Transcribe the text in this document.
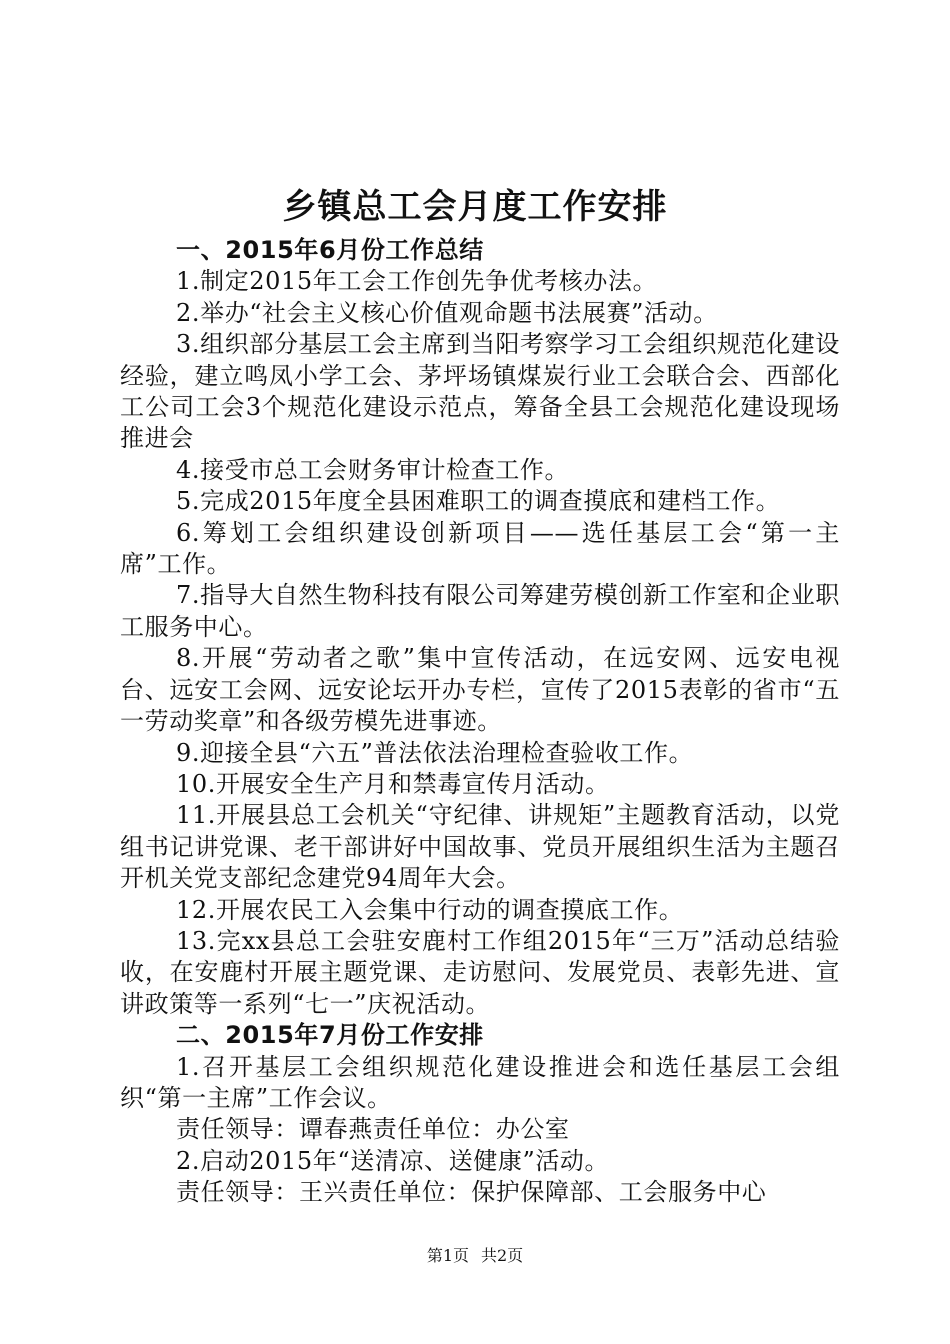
乡镇总工会月度工作安排

一、2015年6月份工作总结

1.制定2015年工会工作创先争优考核办法。

2.举办“社会主义核心价值观命题书法展赛”活动。

3.组织部分基层工会主席到当阳考察学习工会组织规范化建设经验，建立鸣凤小学工会、茅坪场镇煤炭行业工会联合会、西部化工公司工会3个规范化建设示范点，筹备全县工会规范化建设现场推进会

4.接受市总工会财务审计检查工作。

5.完成2015年度全县困难职工的调查摸底和建档工作。

6.筹划工会组织建设创新项目——选任基层工会“第一主席”工作。

7.指导大自然生物科技有限公司筹建劳模创新工作室和企业职工服务中心。

8.开展“劳动者之歌”集中宣传活动，在远安网、远安电视台、远安工会网、远安论坛开办专栏，宣传了2015表彰的省市“五一劳动奖章”和各级劳模先进事迹。

9.迎接全县“六五”普法依法治理检查验收工作。

10.开展安全生产月和禁毒宣传月活动。

11.开展县总工会机关“守纪律、讲规矩”主题教育活动，以党组书记讲党课、老干部讲好中国故事、党员开展组织生活为主题召开机关党支部纪念建党94周年大会。

12.开展农民工入会集中行动的调查摸底工作。

13.完xx县总工会驻安鹿村工作组2015年“三万”活动总结验收，在安鹿村开展主题党课、走访慰问、发展党员、表彰先进、宣讲政策等一系列“七一”庆祝活动。

二、2015年7月份工作安排

1.召开基层工会组织规范化建设推进会和选任基层工会组织“第一主席”工作会议。

责任领导：谭春燕责任单位：办公室

2.启动2015年“送清凉、送健康”活动。

责任领导：王兴责任单位：保护保障部、工会服务中心

第1页 共2页
